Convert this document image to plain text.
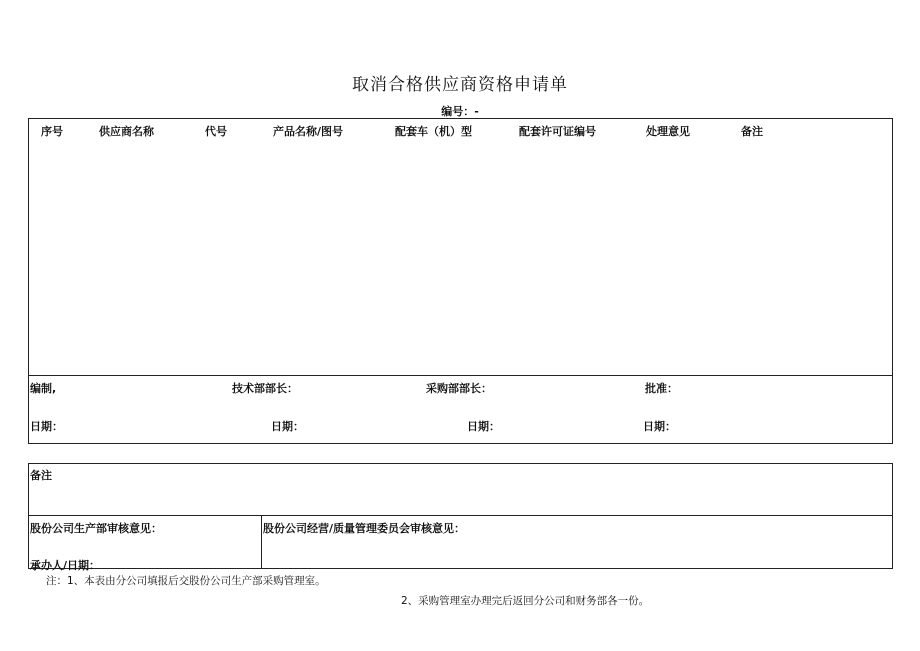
取消合格供应商资格申请单
编号：-
序号	供应商名称	代号	产品名称/图号	配套车（机）型	配套许可证编号	处理意见	备注
编制,	技术部部长：	采购部部长：	批准：
日期：	日期：	日期：	日期：
备注
股份公司生产部审核意见：	股份公司经营/质量管理委员会审核意见：
承办人/日期：
注：1、本表由分公司填报后交股份公司生产部采购管理室。
2、采购管理室办理完后返回分公司和财务部各一份。
